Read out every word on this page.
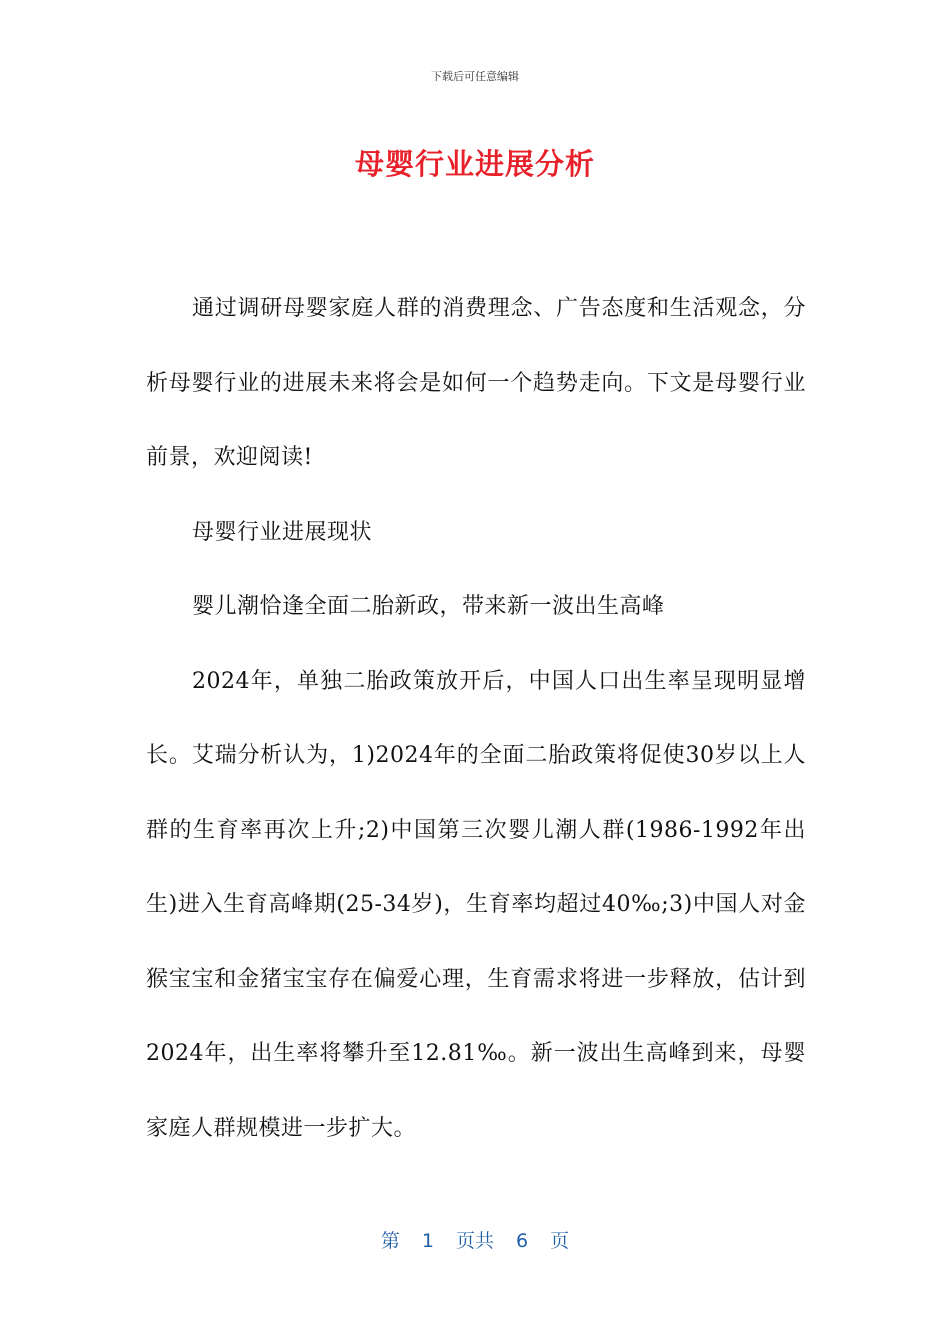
下载后可任意编辑
母婴行业进展分析

通过调研母婴家庭人群的消费理念、广告态度和生活观念，分析母婴行业的进展未来将会是如何一个趋势走向。下文是母婴行业前景，欢迎阅读!

母婴行业进展现状

婴儿潮恰逢全面二胎新政，带来新一波出生高峰

2024年，单独二胎政策放开后，中国人口出生率呈现明显增长。艾瑞分析认为，1)2024年的全面二胎政策将促使30岁以上人群的生育率再次上升;2)中国第三次婴儿潮人群(1986-1992年出生)进入生育高峰期(25-34岁)，生育率均超过40‰;3)中国人对金猴宝宝和金猪宝宝存在偏爱心理，生育需求将进一步释放，估计到2024年，出生率将攀升至12.81‰。新一波出生高峰到来，母婴家庭人群规模进一步扩大。

第 1 页共 6 页
